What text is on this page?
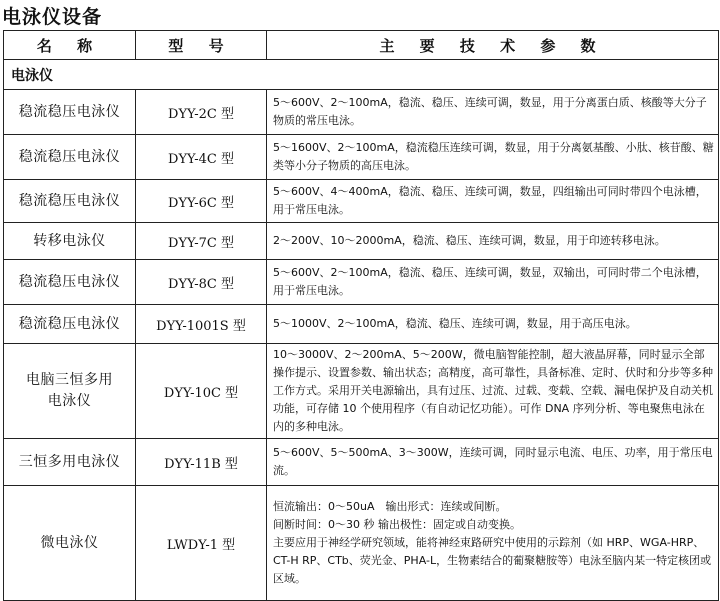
电泳仪设备
名 称	型 号	主 要 技 术 参 数
电泳仪		
稳流稳压电泳仪	DYY-2C 型	5～600V、2～100mA，稳流、稳压、连续可调，数显，用于分离蛋白质、核酸等大分子物质的常压电泳。

稳流稳压电泳仪	DYY-4C 型	5～1600V、2～100mA，稳流稳压连续可调，数显，用于分离氨基酸、小肽、核苷酸、糖类等小分子物质的高压电泳。

稳流稳压电泳仪	DYY-6C 型	5～600V、4～400mA，稳流、稳压、连续可调，数显，四组输出可同时带四个电泳槽，用于常压电泳。

转移电泳仪	DYY-7C 型	2～200V、10～2000mA，稳流、稳压、连续可调，数显，用于印迹转移电泳。

稳流稳压电泳仪	DYY-8C 型	5～600V、2～100mA，稳流、稳压、连续可调，数显，双输出，可同时带二个电泳槽，用于常压电泳。

稳流稳压电泳仪	DYY-1001S 型	5～1000V、2～100mA，稳流、稳压、连续可调，数显，用于高压电泳。

电脑三恒多用电泳仪	DYY-10C 型	10～3000V、2～200mA、5～200W，微电脑智能控制，超大液晶屏幕，同时显示全部操作提示、设置参数、输出状态；高精度，高可靠性，具备标准、定时、伏时和分步等多种工作方式。采用开关电源输出，具有过压、过流、过载、变载、空载、漏电保护及自动关机功能，可存储 10 个使用程序（有自动记忆功能）。可作 DNA 序列分析、等电聚焦电泳在内的多种电泳。

三恒多用电泳仪	DYY-11B 型	5～600V、5～500mA、3～300W，连续可调，同时显示电流、电压、功率，用于常压电流。

微电泳仪	LWDY-1 型	恒流输出：0～50uA　输出形式：连续或间断。

间断时间：0～30 秒 输出极性：固定或自动变换。

主要应用于神经学研究领域，能将神经束路研究中使用的示踪剂（如 HRP、WGA-HRP、CT-H RP、CTb、荧光金、PHA-L，生物素结合的葡聚糖胺等）电泳至脑内某一特定核团或区域。
